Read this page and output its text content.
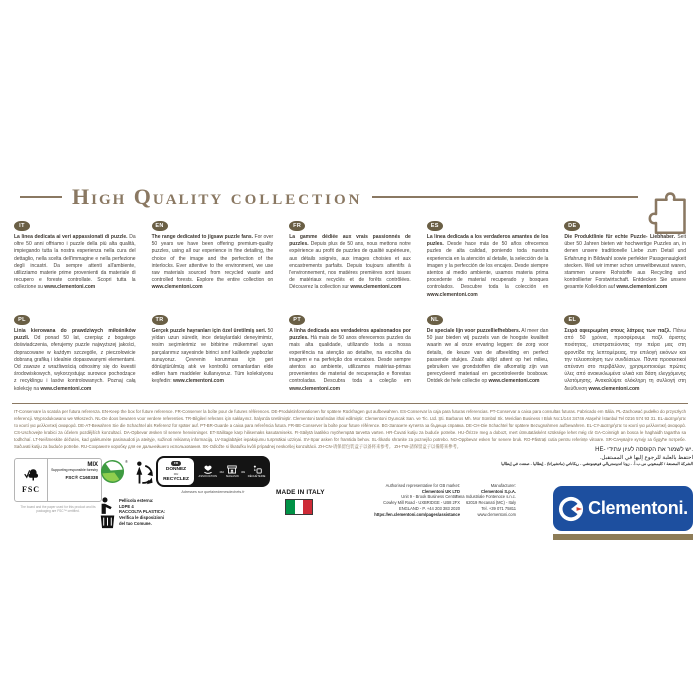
High Quality collection
IT

La linea dedicata ai veri appassionati di puzzle. Da oltre 50 anni offriamo i puzzle della più alta qualità, impiegando tutta la nostra esperienza nella cura del dettaglio, nella scelta dell'immagine e nella perfezione degli incastri. Da sempre attenti all'ambiente, utilizziamo materie prime provenienti da materiale di recupero e foreste controllate. Scopri tutta la collezione su www.clementoni.com

EN

The range dedicated to jigsaw puzzle fans. For over 50 years we have been offering premium-quality puzzles, using all our experience in fine detailing, the choice of the image and the perfection of the interlocks. Ever attentive to the environment, we use raw materials sourced from recycled waste and controlled forests. Explore the entire collection on www.clementoni.com

FR

La gamme dédiée aux vrais passionnés de puzzles. Depuis plus de 50 ans, nous mettons notre expérience au profit de puzzles de qualité supérieure, aux détails soignés, aux images choisies et aux encastrements parfaits. Depuis toujours attentifs à l'environnement, nos matières premières sont issues de matériaux recyclés et de forêts contrôlées. Découvrez la collection sur www.clementoni.com

ES

La línea dedicada a los verdaderos amantes de los puzles. Desde hace más de 50 años ofrecemos puzles de alta calidad, poniendo toda nuestra experiencia en la atención al detalle, la selección de la imagen y la perfección de los encajes. Desde siempre atentos al medio ambiente, usamos materia prima procedente de material recuperado y bosques controlados. Descubre toda la colección en www.clementoni.com

DE

Die Produktlinie für echte Puzzle- Liebhaber. Seit über 50 Jahren bieten wir hochwertige Puzzles an, in denen unsere traditionelle Liebe zum Detail und Erfahrung in Bildwahl sowie perfekter Passgenauigkeit stecken. Weil wir immer schon umweltbewusst waren, stammen unsere Rohstoffe aus Recycling und kontrollierter Forstwirtschaft. Entdecken Sie unsere gesamte Kollektion auf www.clementoni.com

PL

Linia kierowana do prawdziwych miłośników puzzli. Od ponad 50 lat, czerpiąc z bogatego doświadczenia, oferujemy puzzle najwyższej jakości, dopracowane w każdym szczególe, z pieczołowicie dobraną grafiką i idealnie dopasowanymi elementami. Od zawsze z wrażliwością odnosimy się do kwestii środowiskowych, wykorzystując surowce pochodzące z recyklingu i lasów kontrolowanych. Poznaj całą kolekcję na www.clementoni.com

TR

Gerçek puzzle hayranları için özel üretilmiş seri. 50 yıldan uzun süredir, ince detaylardaki deneyimimiz, resim seçimlerimiz ve birbirine mükemmel uyan parçalarımız sayesinde birinci sınıf kalitede yapbozlar sunuyoruz. Çevrenin korunması için geri dönüştürülmüş atık ve kontrollü ormanlardan elde edilen ham maddeler kullanıyoruz. Tüm koleksiyonu keşfedin: www.clementoni.com

PT

A linha dedicada aos verdadeiros apaixonados por puzzles. Há mais de 50 anos oferecemos puzzles da mais alta qualidade, utilizando toda a nossa experiência na atenção ao detalhe, na escolha da imagem e na perfeição dos encaixes. Desde sempre atentos ao ambiente, utilizamos matérias-primas provenientes de material de recuperação e florestas controladas. Descubra toda a coleção em www.clementoni.com

NL

De speciale lijn voor puzzelliefhebbers. Al meer dan 50 jaar bieden wij puzzels van de hoogste kwaliteit waarin we al onze ervaring leggen: de zorg voor details, de keuze van de afbeelding en perfect passende stukjes. Zoals altijd attent op het milieu, gebruiken we grondstoffen die afkomstig zijn van gerecycleerd materiaal en gecontroleerde bosbouw. Ontdek de hele collectie op www.clementoni.com

EL

Σειρά αφιερωμένη στους λάτρεις των παζλ. Πάνω από 50 χρόνια, προσφέρουμε παζλ άριστης ποιότητας, επιστρατεύοντας την πείρα μας στη φροντίδα της λεπτομέρειας, την επιλογή εικόνων και την τελειοποίηση των συνδέσεων. Πάντα προσεκτικοί απέναντι στο περιβάλλον, χρησιμοποιούμε πρώτες ύλες από ανακυκλωμένα υλικά και δάση ελεγχόμενης υλοτόμησης. Ανακαλύψτε ολόκληρη τη συλλογή στη διεύθυνση www.clementoni.com

IT-Conservare la scatola per futura referenza. EN-Keep the box for future reference. FR-Conserver la boîte pour de futures références. DE-Produktinformationen für spätere Rückfragen gut aufbewahren. ES-Conservar la caja para futuras referencias. PT-Conservar a caixa para consultas futuras. Fabricado em Itália. PL-Zachować pudełko do przyszłych referencji. Wyprodukowano we Włoszech. NL-De doos bewaren voor verdere referenties. TR-Bilgileri referans için saklayınız. İtalya'da üretilmiştir. Clementoni tarafından ithal edilmiştir. Clementoni Oyuncak San. ve Tic. Ltd. Şti. Barbaros Mh. Mor Sümbül Sk. Meridian Business I Blok No:1/144 34746 Ataşehir İstanbul Tel 0216 574 93 31. EL-Διατηρήστε το κουτί για μελλοντική αναφορά. DE-AT-Bewahren Sie die Schachtel als Referenz für später auf. PT-BR-Guarde a caixa para referência futura. FR-BE-Conserver la boîte pour future référence. BG-Запазете кутията за бъдеща справка. DE-CH-Die Schachtel für spätere Bezugnahmen aufbewahren. EL-CY-Διατηρήστε το κουτί για μελλοντική αναφορά. CS-Uschovejte krabici za účelem pozdějších konzultací. DA-Opbevar æsken til senere henvisninger. ET-Säilitage karp hilisemaks kasutamiseks. FI-Säilytä laatikko myöhempää tarvetta varten. HR-Čuvati kutiju za buduće potrebe. HU-Őrizze meg a dobozt, mert útmutatásként szüksége lehet még rá! GA-Coinnigh an bosca le haghaidh tagartha sa todhchaí. LT-Neišmeskite dėžutės, kad galėtumėte pasinaudoti ja ateityje, sužinoti reikiamą informaciją. LV-Saglabājiet iepakojumu turpmākai uzziņai. SV-Spar asken för framtida behov. SL-Škatlo shranite za poznejšo potrebo. NO-Oppbevar esken for senere bruk. RO-Păstrați cutia pentru referințe viitoare. SR-Сачувајте кутију за будуће потребе. Sačuvati kutiju za buduće potrebe. RU-Сохраните коробку для ее дальнейшего использования. SK-Odložte si škatuľku kvôli prípadnej neskoršej konzultácii. ZH-CN-请保留包装盒子以备将来参考。 ZH-TW-請保留盒子以備將來參考。

FSC
MIX
Supporting responsible forestry
FSC® C160338
The board and the paper used for this product and its packaging are FSC™ certified.
®	FR
DONNEZ
OU
RECYCLEZ
ASSOCIATION
ou
MAGASIN
ou
DÉCHÈTERIE
Adresses sur quefairedemesdechets.fr
Pellicola esterna:
LDPE 4
RACCOLTA PLASTICA:
Verifica le disposizioni
del tuo Comune.
MADE IN ITALY
Authorised representative for GB market:
Clementoni UK LTD
Unit 9 - Brook Business Centre -
Cowley Mill Road - UXBRIDGE - UB8 2FX
ENGLAND - P. +44 203 383 2020
https://en.clementoni.com/pages/assistance
Manufacturer:
Clementoni S.p.A.
Zona Industriale Fontenoce s.n.c.
62019 Recanati (MC) - Italy
Tel. +39 071 75811
www.clementoni.com
HE- יש לשמור את הקופסה לעיון עתידי.
احتفظ بالعلبة للرجوع إليها في المستقبل.
الشركة المصنعة / كليمنتوني س.ب.أ. - زونا اندوستريالي فونتينوتشي - ريكاناتي (ماتشيراتا) - إيطاليا - صنعت في إيطاليا
Clementoni.
